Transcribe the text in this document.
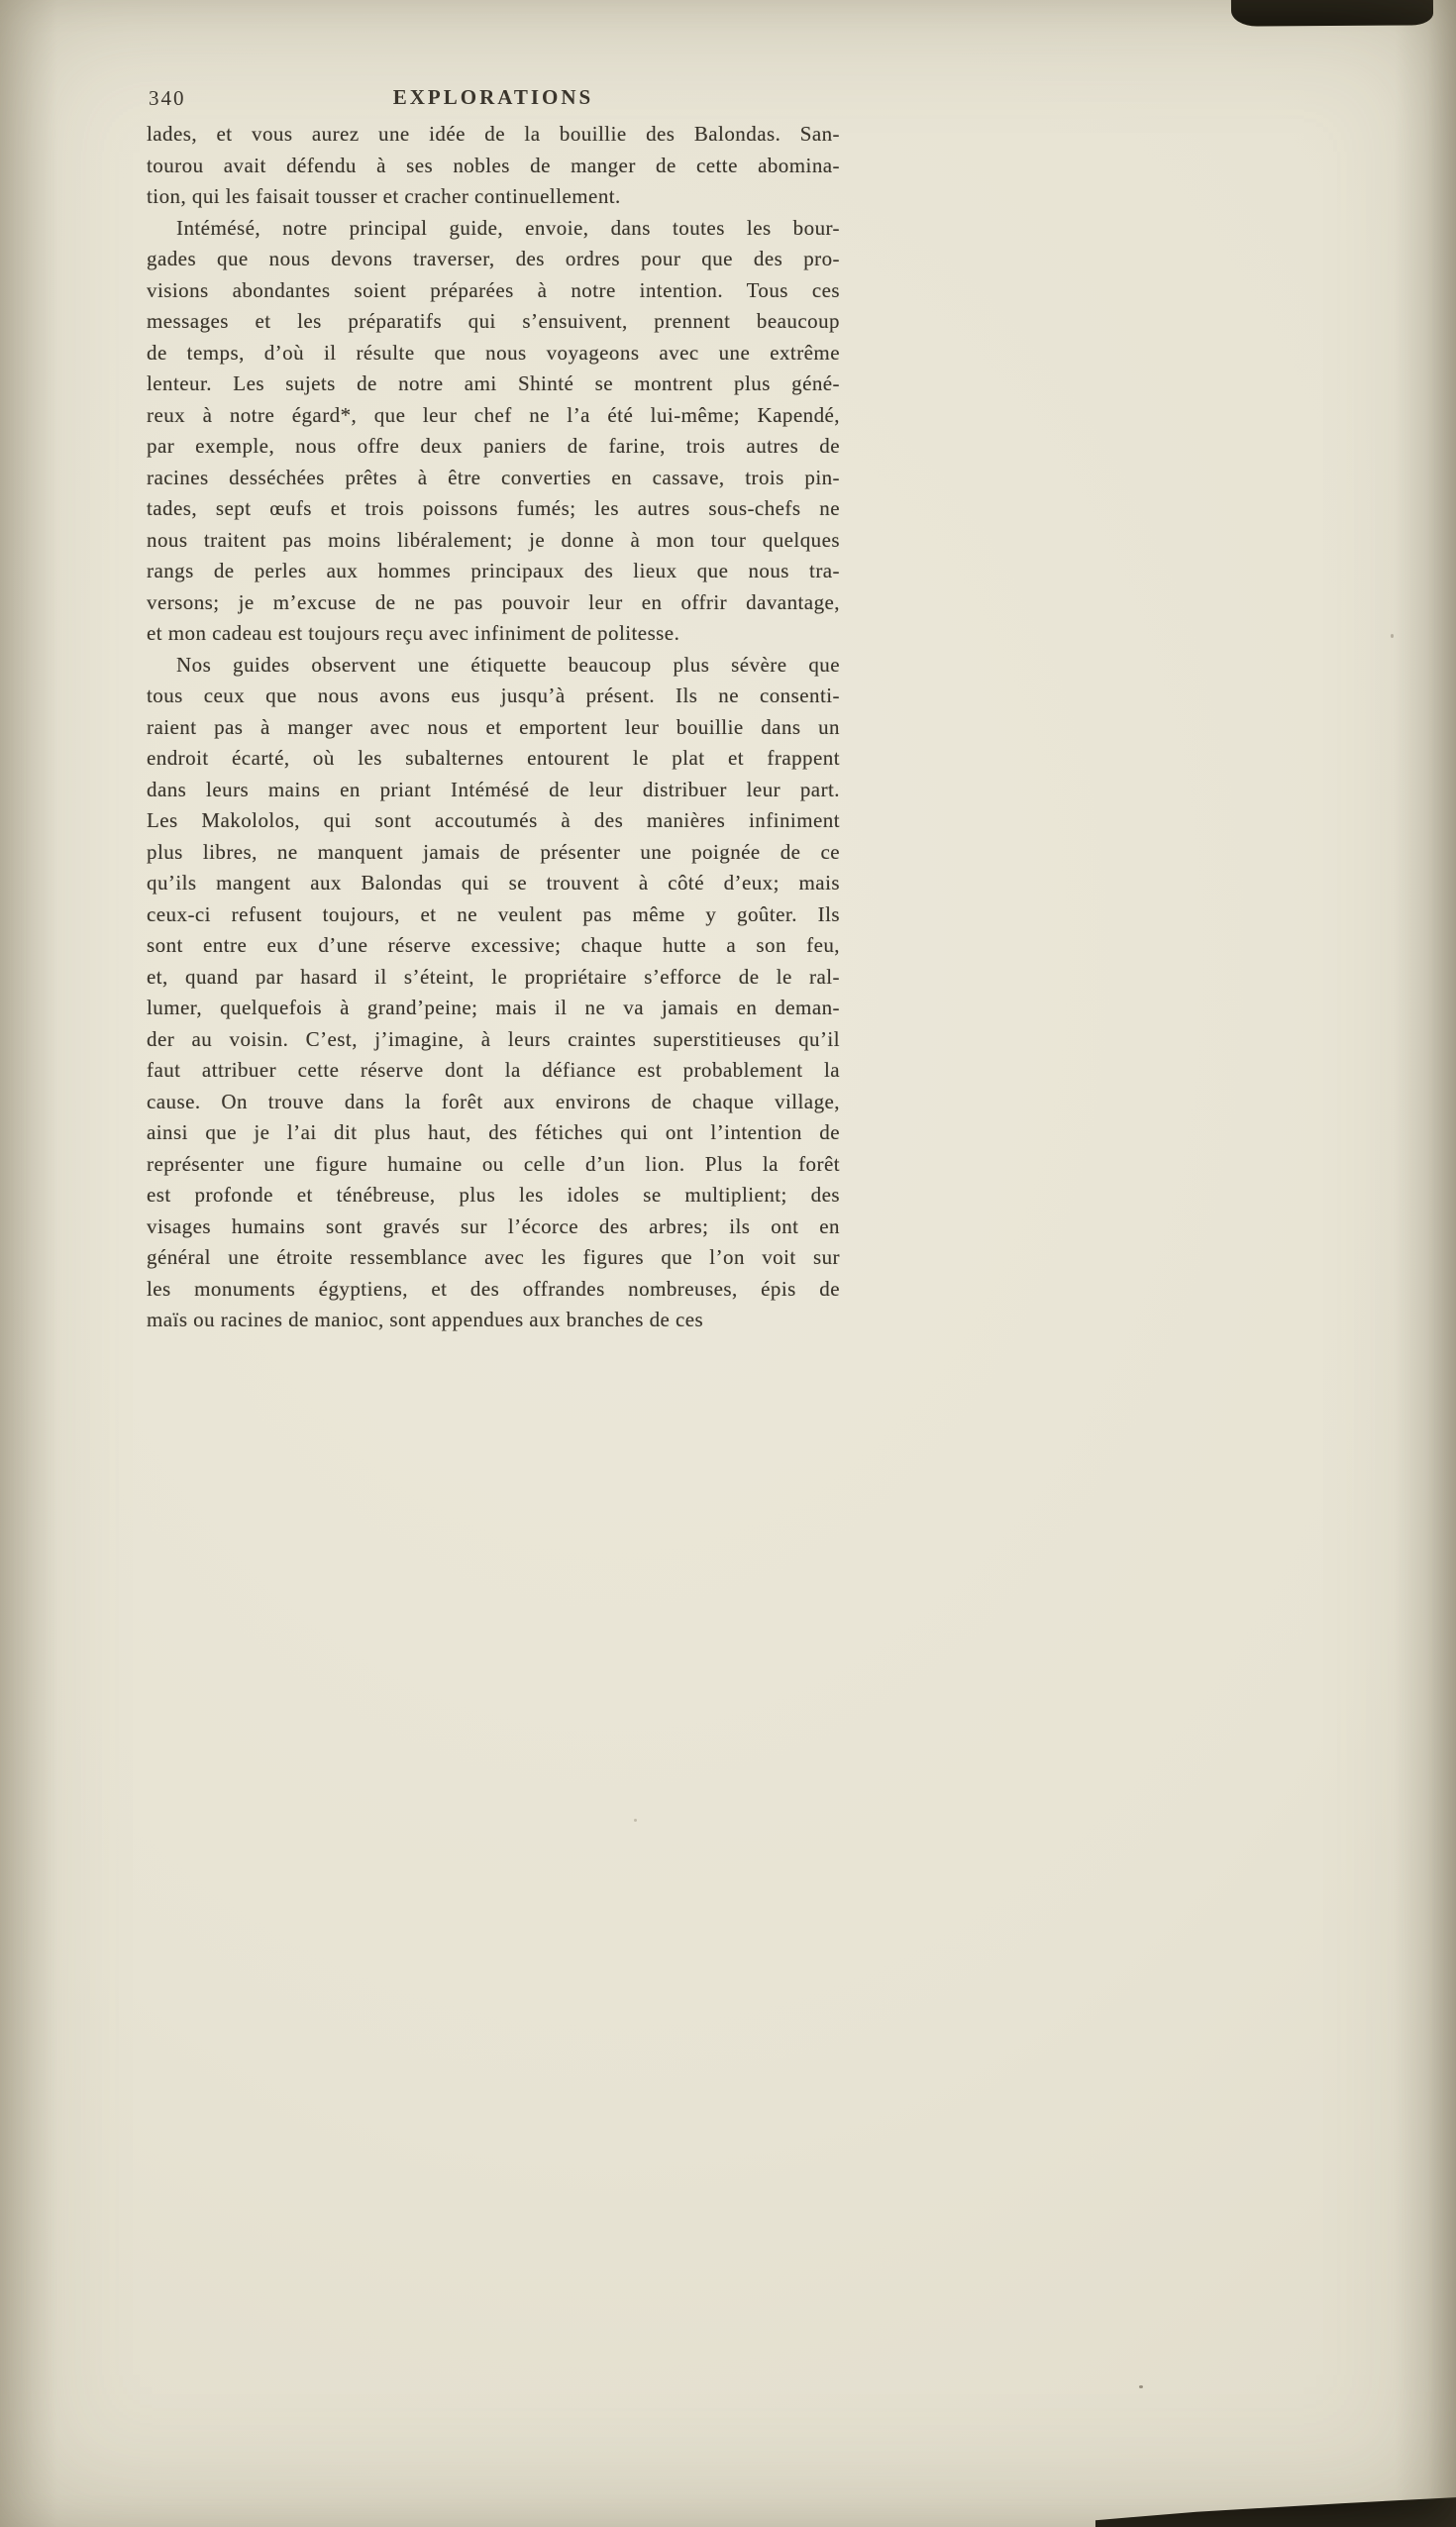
340	EXPLORATIONS
lades, et vous aurez une idée de la bouillie des Balondas. San-
tourou avait défendu à ses nobles de manger de cette abomina-
tion, qui les faisait tousser et cracher continuellement.
Intémésé, notre principal guide, envoie, dans toutes les bour-
gades que nous devons traverser, des ordres pour que des pro-
visions abondantes soient préparées à notre intention. Tous ces
messages et les préparatifs qui s’ensuivent, prennent beaucoup
de temps, d’où il résulte que nous voyageons avec une extrême
lenteur. Les sujets de notre ami Shinté se montrent plus géné-
reux à notre égard*, que leur chef ne l’a été lui-même; Kapendé,
par exemple, nous offre deux paniers de farine, trois autres de
racines desséchées prêtes à être converties en cassave, trois pin-
tades, sept œufs et trois poissons fumés; les autres sous-chefs ne
nous traitent pas moins libéralement; je donne à mon tour quelques
rangs de perles aux hommes principaux des lieux que nous tra-
versons; je m’excuse de ne pas pouvoir leur en offrir davantage,
et mon cadeau est toujours reçu avec infiniment de politesse.
Nos guides observent une étiquette beaucoup plus sévère que
tous ceux que nous avons eus jusqu’à présent. Ils ne consenti-
raient pas à manger avec nous et emportent leur bouillie dans un
endroit écarté, où les subalternes entourent le plat et frappent
dans leurs mains en priant Intémésé de leur distribuer leur part.
Les Makololos, qui sont accoutumés à des manières infiniment
plus libres, ne manquent jamais de présenter une poignée de ce
qu’ils mangent aux Balondas qui se trouvent à côté d’eux; mais
ceux-ci refusent toujours, et ne veulent pas même y goûter. Ils
sont entre eux d’une réserve excessive; chaque hutte a son feu,
et, quand par hasard il s’éteint, le propriétaire s’efforce de le ral-
lumer, quelquefois à grand’peine; mais il ne va jamais en deman-
der au voisin. C’est, j’imagine, à leurs craintes superstitieuses qu’il
faut attribuer cette réserve dont la défiance est probablement la
cause. On trouve dans la forêt aux environs de chaque village,
ainsi que je l’ai dit plus haut, des fétiches qui ont l’intention de
représenter une figure humaine ou celle d’un lion. Plus la forêt
est profonde et ténébreuse, plus les idoles se multiplient; des
visages humains sont gravés sur l’écorce des arbres; ils ont en
général une étroite ressemblance avec les figures que l’on voit sur
les monuments égyptiens, et des offrandes nombreuses, épis de
maïs ou racines de manioc, sont appendues aux branches de ces
